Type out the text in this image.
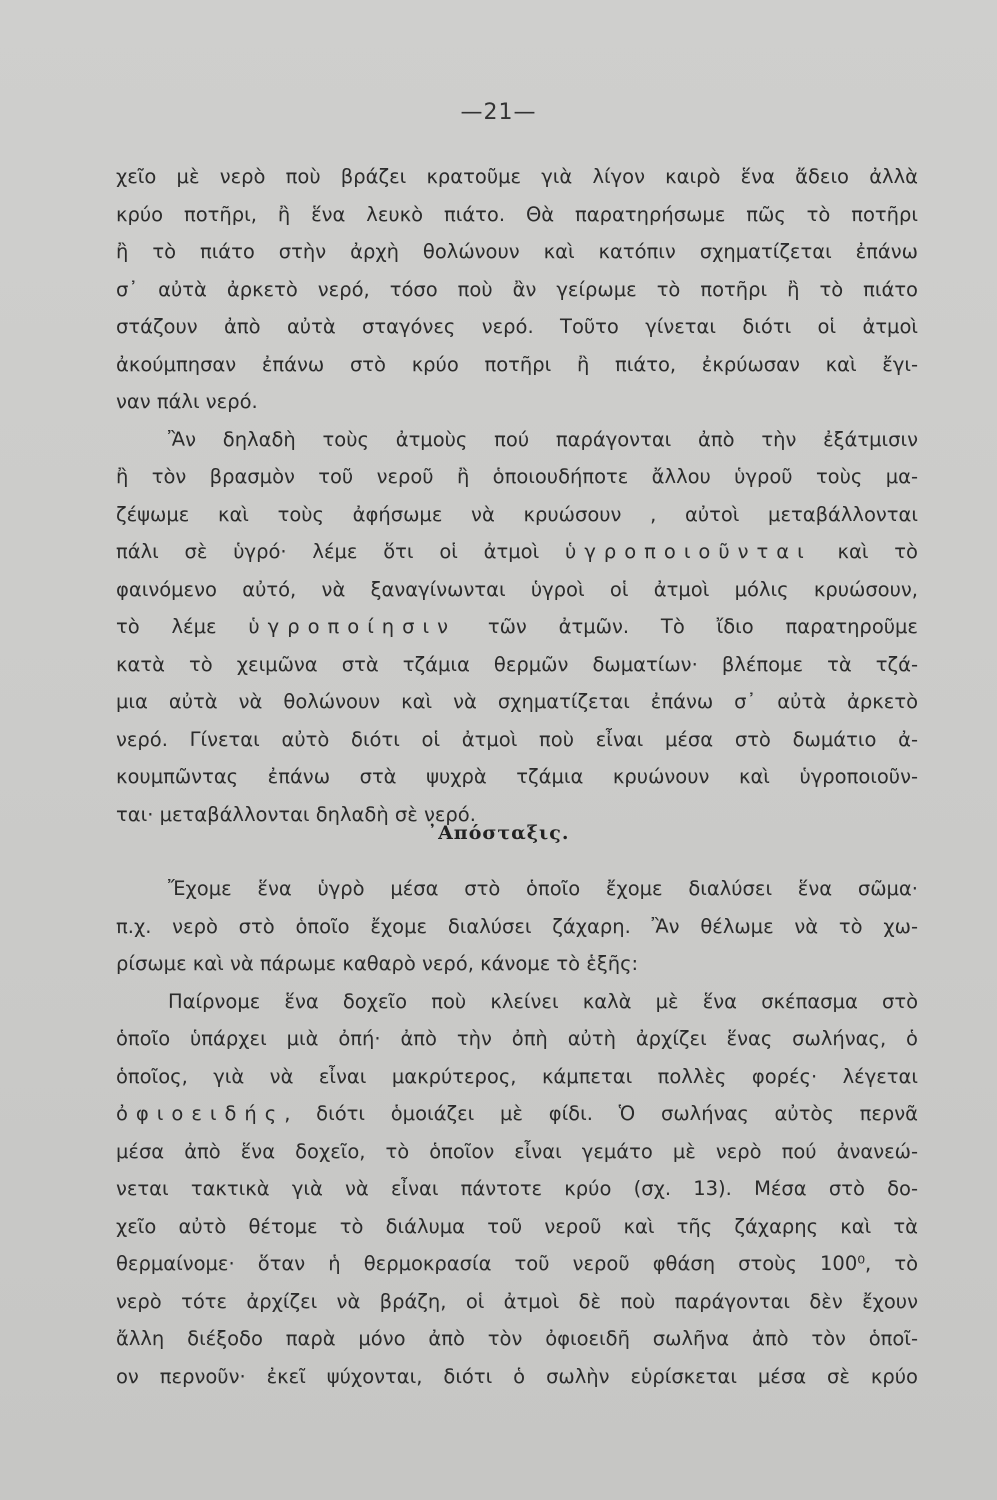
—21—

χεῖο μὲ νερὸ ποὺ βράζει κρατοῦμε γιὰ λίγον καιρὸ ἕνα ἄδειο ἀλλὰ

κρύο ποτῆρι, ἢ ἕνα λευκὸ πιάτο. Θὰ παρατηρήσωμε πῶς τὸ ποτῆρι

ἢ τὸ πιάτο στὴν ἀρχὴ θολώνουν καὶ κατόπιν σχηματίζεται ἐπάνω

σ᾽ αὐτὰ ἀρκετὸ νερό, τόσο ποὺ ἂν γείρωμε τὸ ποτῆρι ἢ τὸ πιάτο

στάζουν ἀπὸ αὐτὰ σταγόνες νερό. Τοῦτο γίνεται διότι οἱ ἀτμοὶ

ἀκούμπησαν ἐπάνω στὸ κρύο ποτῆρι ἢ πιάτο, ἐκρύωσαν καὶ ἔγι-

ναν πάλι νερό.

Ἂν δηλαδὴ τοὺς ἀτμοὺς πού παράγονται ἀπὸ τὴν ἐξάτμισιν

ἢ τὸν βρασμὸν τοῦ νεροῦ ἢ ὁποιουδήποτε ἄλλου ὑγροῦ τοὺς μα-

ζέψωμε καὶ τοὺς ἀφήσωμε νὰ κρυώσουν , αὐτοὶ μεταβάλλονται

πάλι σὲ ὑγρό· λέμε ὅτι οἱ ἀτμοὶ ὑγροποιοῦνται καὶ τὸ

φαινόμενο αὐτό, νὰ ξαναγίνωνται ὑγροὶ οἱ ἀτμοὶ μόλις κρυώσουν,

τὸ λέμε ὑγροποίησιν τῶν ἀτμῶν. Τὸ ἴδιο παρατηροῦμε

κατὰ τὸ χειμῶνα στὰ τζάμια θερμῶν δωματίων· βλέπομε τὰ τζά-

μια αὐτὰ νὰ θολώνουν καὶ νὰ σχηματίζεται ἐπάνω σ᾽ αὐτὰ ἀρκετὸ

νερό. Γίνεται αὐτὸ διότι οἱ ἀτμοὶ ποὺ εἶναι μέσα στὸ δωμάτιο ἀ-

κουμπῶντας ἐπάνω στὰ ψυχρὰ τζάμια κρυώνουν καὶ ὑγροποιοῦν-

ται· μεταβάλλονται δηλαδὴ σὲ νερό.

᾿Απόσταξις.

Ἔχομε ἕνα ὑγρὸ μέσα στὸ ὁποῖο ἔχομε διαλύσει ἕνα σῶμα·

π.χ. νερὸ στὸ ὁποῖο ἔχομε διαλύσει ζάχαρη. Ἂν θέλωμε νὰ τὸ χω-

ρίσωμε καὶ νὰ πάρωμε καθαρὸ νερό, κάνομε τὸ ἑξῆς:

Παίρνομε ἕνα δοχεῖο ποὺ κλείνει καλὰ μὲ ἕνα σκέπασμα στὸ

ὁποῖο ὑπάρχει μιὰ ὀπή· ἀπὸ τὴν ὀπὴ αὐτὴ ἀρχίζει ἕνας σωλήνας, ὁ

ὁποῖος, γιὰ νὰ εἶναι μακρύτερος, κάμπεται πολλὲς φορές· λέγεται

ὀφιοειδής, διότι ὁμοιάζει μὲ φίδι. Ὁ σωλήνας αὐτὸς περνᾶ

μέσα ἀπὸ ἕνα δοχεῖο, τὸ ὁποῖον εἶναι γεμάτο μὲ νερὸ πού ἀνανεώ-

νεται τακτικὰ γιὰ νὰ εἶναι πάντοτε κρύο (σχ. 13). Μέσα στὸ δο-

χεῖο αὐτὸ θέτομε τὸ διάλυμα τοῦ νεροῦ καὶ τῆς ζάχαρης καὶ τὰ

θερμαίνομε· ὅταν ἡ θερμοκρασία τοῦ νεροῦ φθάση στοὺς 100⁰, τὸ

νερὸ τότε ἀρχίζει νὰ βράζη, οἱ ἀτμοὶ δὲ ποὺ παράγονται δὲν ἔχουν

ἄλλη διέξοδο παρὰ μόνο ἀπὸ τὸν ὀφιοειδῆ σωλῆνα ἀπὸ τὸν ὁποῖ-

ον περνοῦν· ἐκεῖ ψύχονται, διότι ὁ σωλὴν εὑρίσκεται μέσα σὲ κρύο
